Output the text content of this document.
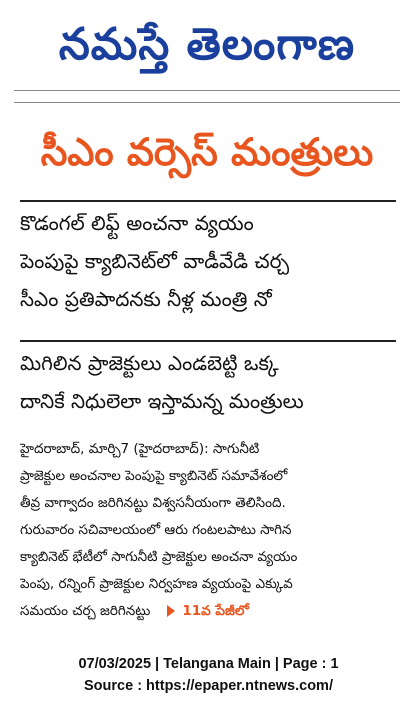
నమస్తే తెలంగాణ
సీఎం వర్సెస్ మంత్రులు
కొడంగల్ లిఫ్ట్ అంచనా వ్యయం
పెంపుపై క్యాబినెట్‌లో వాడీవేడి చర్చ
సీఎం ప్రతిపాదనకు నీళ్ల మంత్రి నో
మిగిలిన ప్రాజెక్టులు ఎండబెట్టి ఒక్క
దానికే నిధులెలా ఇస్తామన్న మంత్రులు
హైదరాబాద్, మార్చి7 (హైదరాబాద్): సాగునీటి
ప్రాజెక్టుల అంచనాల పెంపుపై క్యాబినెట్ సమావేశంలో
తీవ్ర వాగ్వాదం జరిగినట్టు విశ్వసనీయంగా తెలిసింది.
గురువారం సచివాలయంలో ఆరు గంటలపాటు సాగిన
క్యాబినెట్ భేటీలో సాగునీటి ప్రాజెక్టుల అంచనా వ్యయం
పెంపు, రన్నింగ్ ప్రాజెక్టుల నిర్వహణ వ్యయంపై ఎక్కువ
సమయం చర్చ జరిగినట్టు 11వ పేజీలో
07/03/2025 | Telangana Main | Page : 1
Source : https://epaper.ntnews.com/
